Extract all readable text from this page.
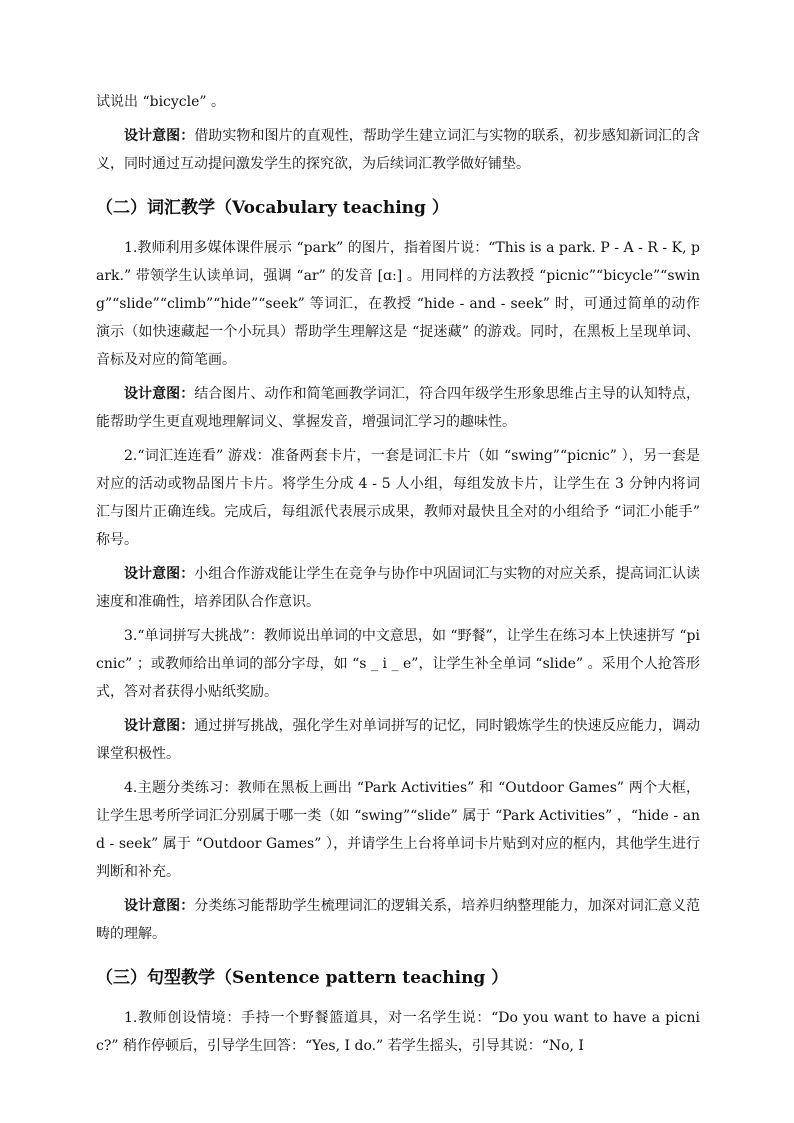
试说出 “bicycle” 。

设计意图：借助实物和图片的直观性，帮助学生建立词汇与实物的联系，初步感知新词汇的含义，同时通过互动提问激发学生的探究欲，为后续词汇教学做好铺垫。

（二）词汇教学（Vocabulary teaching ）

1.教师利用多媒体课件展示 “park” 的图片，指着图片说：“This is a park. P - A - R - K, park.” 带领学生认读单词，强调 “ar” 的发音 [ɑː] 。用同样的方法教授 “picnic”“bicycle”“swing”“slide”“climb”“hide”“seek” 等词汇，在教授 “hide - and - seek” 时，可通过简单的动作演示（如快速藏起一个小玩具）帮助学生理解这是 “捉迷藏” 的游戏。同时，在黑板上呈现单词、音标及对应的简笔画。

设计意图：结合图片、动作和简笔画教学词汇，符合四年级学生形象思维占主导的认知特点，能帮助学生更直观地理解词义、掌握发音，增强词汇学习的趣味性。

2.“词汇连连看” 游戏：准备两套卡片，一套是词汇卡片（如 “swing”“picnic” ），另一套是对应的活动或物品图片卡片。将学生分成 4 - 5 人小组，每组发放卡片，让学生在 3 分钟内将词汇与图片正确连线。完成后，每组派代表展示成果，教师对最快且全对的小组给予 “词汇小能手” 称号。

设计意图：小组合作游戏能让学生在竞争与协作中巩固词汇与实物的对应关系，提高词汇认读速度和准确性，培养团队合作意识。

3.“单词拼写大挑战”：教师说出单词的中文意思，如 “野餐”，让学生在练习本上快速拼写 “picnic” ；或教师给出单词的部分字母，如 “s _ i _ e”，让学生补全单词 “slide” 。采用个人抢答形式，答对者获得小贴纸奖励。

设计意图：通过拼写挑战，强化学生对单词拼写的记忆，同时锻炼学生的快速反应能力，调动课堂积极性。

4.主题分类练习：教师在黑板上画出 “Park Activities” 和 “Outdoor Games” 两个大框，让学生思考所学词汇分别属于哪一类（如 “swing”“slide” 属于 “Park Activities” ，“hide - and - seek” 属于 “Outdoor Games” ），并请学生上台将单词卡片贴到对应的框内，其他学生进行判断和补充。

设计意图：分类练习能帮助学生梳理词汇的逻辑关系，培养归纳整理能力，加深对词汇意义范畴的理解。

（三）句型教学（Sentence pattern teaching ）

1.教师创设情境：手持一个野餐篮道具，对一名学生说：“Do you want to have a picnic?” 稍作停顿后，引导学生回答：“Yes, I do.” 若学生摇头，引导其说：“No, I
